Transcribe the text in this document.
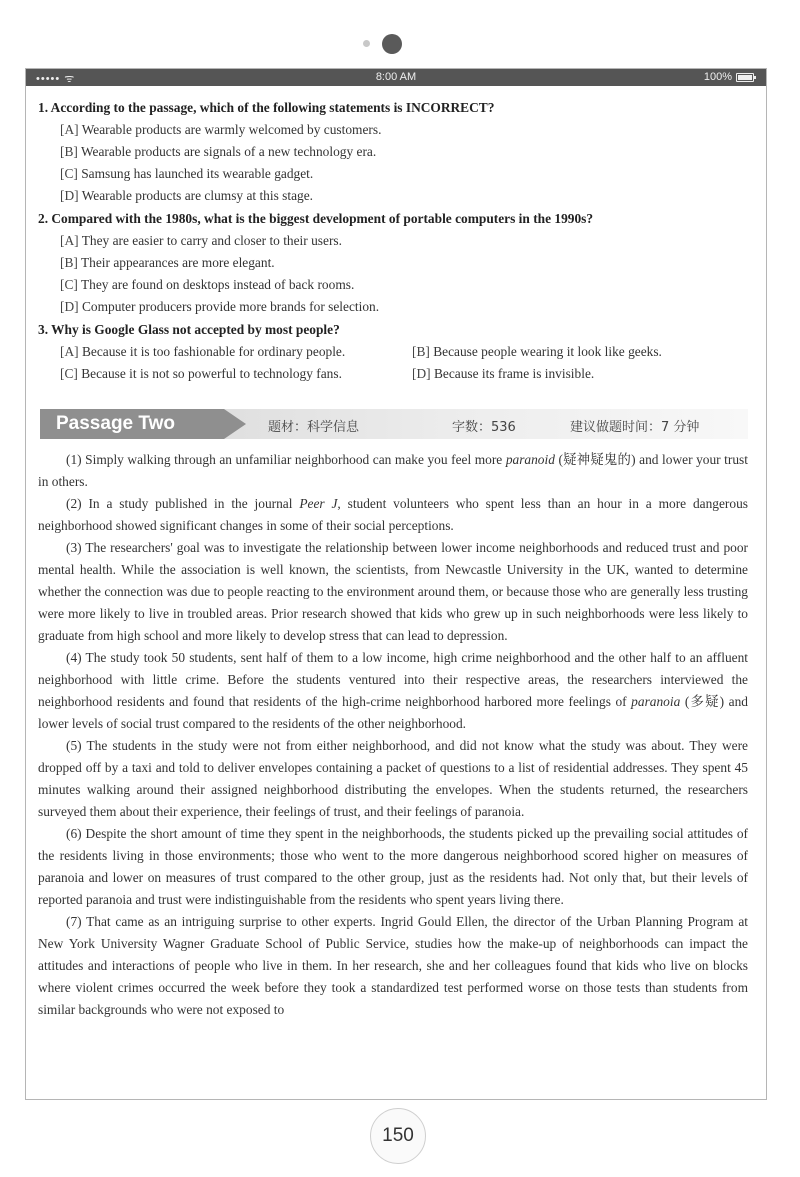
••••• ᯤ	8:00 AM	100%
1. According to the passage, which of the following statements is INCORRECT?
[A] Wearable products are warmly welcomed by customers.
[B] Wearable products are signals of a new technology era.
[C] Samsung has launched its wearable gadget.
[D] Wearable products are clumsy at this stage.
2. Compared with the 1980s, what is the biggest development of portable computers in the 1990s?
[A] They are easier to carry and closer to their users.
[B] Their appearances are more elegant.
[C] They are found on desktops instead of back rooms.
[D] Computer producers provide more brands for selection.
3. Why is Google Glass not accepted by most people?
[A] Because it is too fashionable for ordinary people.	[B] Because people wearing it look like geeks.
[C] Because it is not so powerful to technology fans.	[D] Because its frame is invisible.
Passage Two	题材：科学信息	字数：536	建议做题时间：7 分钟

(1) Simply walking through an unfamiliar neighborhood can make you feel more paranoid (疑神疑鬼的) and lower your trust in others.

(2) In a study published in the journal Peer J, student volunteers who spent less than an hour in a more dangerous neighborhood showed significant changes in some of their social perceptions.

(3) The researchers' goal was to investigate the relationship between lower income neighborhoods and reduced trust and poor mental health. While the association is well known, the scientists, from Newcastle University in the UK, wanted to determine whether the connection was due to people reacting to the environment around them, or because those who are generally less trusting were more likely to live in troubled areas. Prior research showed that kids who grew up in such neighborhoods were less likely to graduate from high school and more likely to develop stress that can lead to depression.

(4) The study took 50 students, sent half of them to a low income, high crime neighborhood and the other half to an affluent neighborhood with little crime. Before the students ventured into their respective areas, the researchers interviewed the neighborhood residents and found that residents of the high-crime neighborhood harbored more feelings of paranoia (多疑) and lower levels of social trust compared to the residents of the other neighborhood.

(5) The students in the study were not from either neighborhood, and did not know what the study was about. They were dropped off by a taxi and told to deliver envelopes containing a packet of questions to a list of residential addresses. They spent 45 minutes walking around their assigned neighborhood distributing the envelopes. When the students returned, the researchers surveyed them about their experience, their feelings of trust, and their feelings of paranoia.

(6) Despite the short amount of time they spent in the neighborhoods, the students picked up the prevailing social attitudes of the residents living in those environments; those who went to the more dangerous neighborhood scored higher on measures of paranoia and lower on measures of trust compared to the other group, just as the residents had. Not only that, but their levels of reported paranoia and trust were indistinguishable from the residents who spent years living there.

(7) That came as an intriguing surprise to other experts. Ingrid Gould Ellen, the director of the Urban Planning Program at New York University Wagner Graduate School of Public Service, studies how the make-up of neighborhoods can impact the attitudes and interactions of people who live in them. In her research, she and her colleagues found that kids who live on blocks where violent crimes occurred the week before they took a standardized test performed worse on those tests than students from similar backgrounds who were not exposed to

150
